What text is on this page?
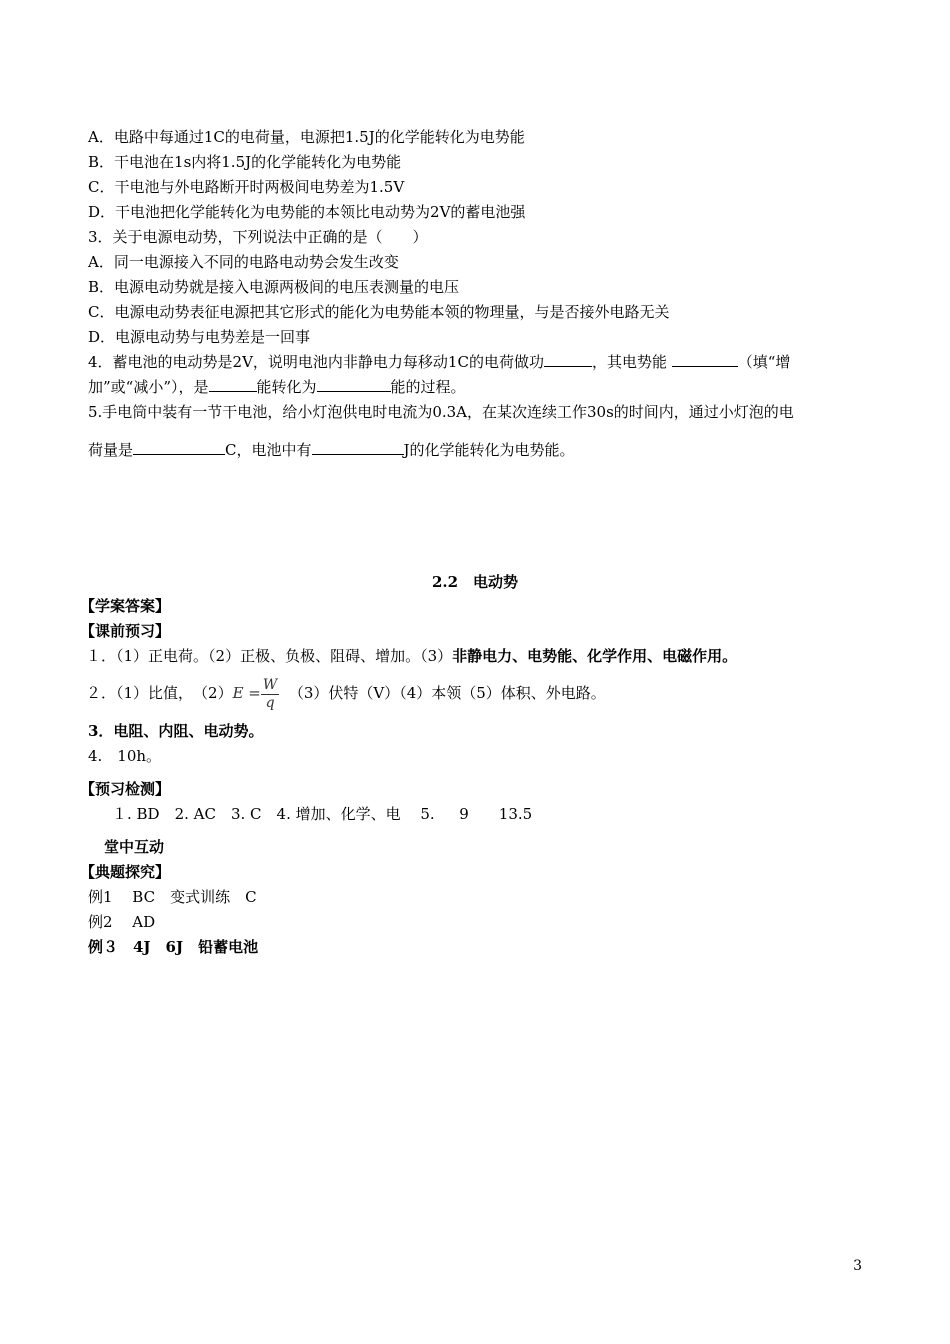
A．电路中每通过1C的电荷量，电源把1.5J的化学能转化为电势能
B．干电池在1s内将1.5J的化学能转化为电势能
C．干电池与外电路断开时两极间电势差为1.5V
D．干电池把化学能转化为电势能的本领比电动势为2V的蓄电池强
3．关于电源电动势，下列说法中正确的是（　　）
A．同一电源接入不同的电路电动势会发生改变
B．电源电动势就是接入电源两极间的电压表测量的电压
C．电源电动势表征电源把其它形式的能化为电势能本领的物理量，与是否接外电路无关
D．电源电动势与电势差是一回事
4．蓄电池的电动势是2V，说明电池内非静电力每移动1C的电荷做功	，其电势能	（填“增
加”或“减小”），是	能转化为	能的过程。
5.手电筒中装有一节干电池，给小灯泡供电时电流为0.3A，在某次连续工作30s的时间内，通过小灯泡的电
荷量是	C，电池中有	J的化学能转化为电势能。
2.2　电动势
【学案答案】
【课前预习】
１．（1）正电荷。（2）正极、负极、阻碍、增加。（3）非静电力、电势能、化学作用、电磁作用。
２．（1）比值，　$(2)E = \frac{W}{q} (3)$伏特（V）（4）本领（5）体积、外电路。
3．电阻、内阻、电动势。
4.　10h。
【预习检测】
１. BD　2. AC　3. C　4. 增加、化学、电　 5. 　 9　　13.5
堂中互动
【典题探究】
例1　 BC　变式训练　C
例2　 AD
例３　4J　6J　铅蓄电池
3
